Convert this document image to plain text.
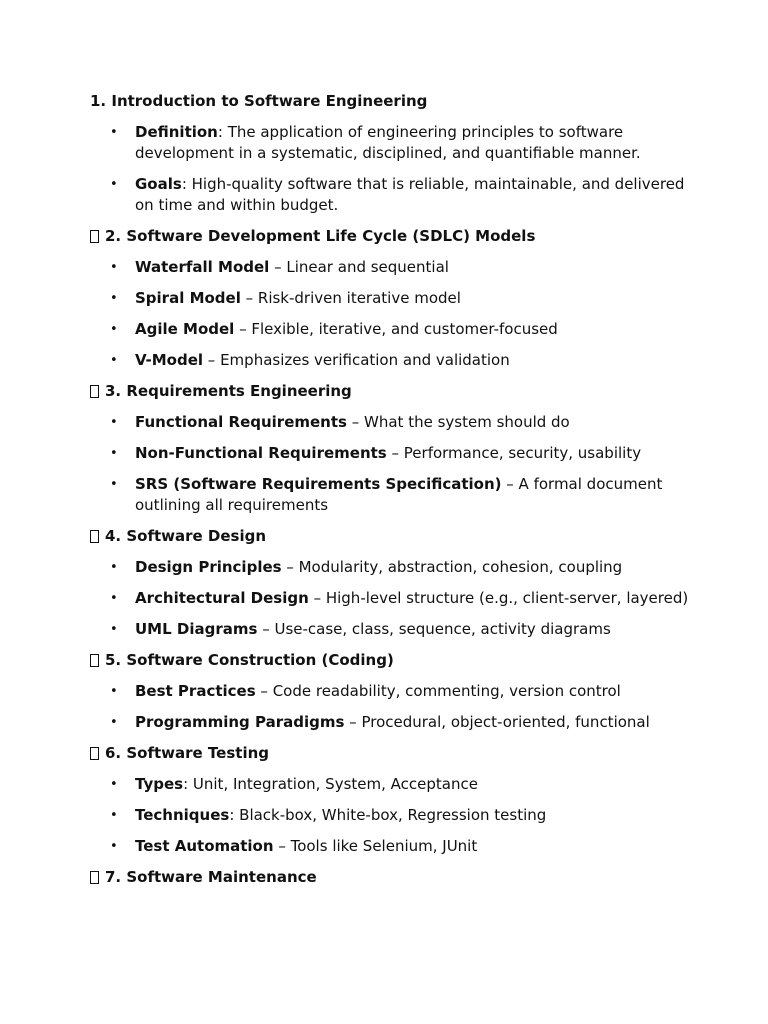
1. Introduction to Software Engineering
• Definition: The application of engineering principles to software development in a systematic, disciplined, and quantifiable manner.
• Goals: High-quality software that is reliable, maintainable, and delivered on time and within budget.
2. Software Development Life Cycle (SDLC) Models
• Waterfall Model – Linear and sequential
• Spiral Model – Risk-driven iterative model
• Agile Model – Flexible, iterative, and customer-focused
• V-Model – Emphasizes verification and validation
3. Requirements Engineering
• Functional Requirements – What the system should do
• Non-Functional Requirements – Performance, security, usability
• SRS (Software Requirements Specification) – A formal document outlining all requirements
4. Software Design
• Design Principles – Modularity, abstraction, cohesion, coupling
• Architectural Design – High-level structure (e.g., client-server, layered)
• UML Diagrams – Use-case, class, sequence, activity diagrams
5. Software Construction (Coding)
• Best Practices – Code readability, commenting, version control
• Programming Paradigms – Procedural, object-oriented, functional
6. Software Testing
• Types: Unit, Integration, System, Acceptance
• Techniques: Black-box, White-box, Regression testing
• Test Automation – Tools like Selenium, JUnit
7. Software Maintenance
